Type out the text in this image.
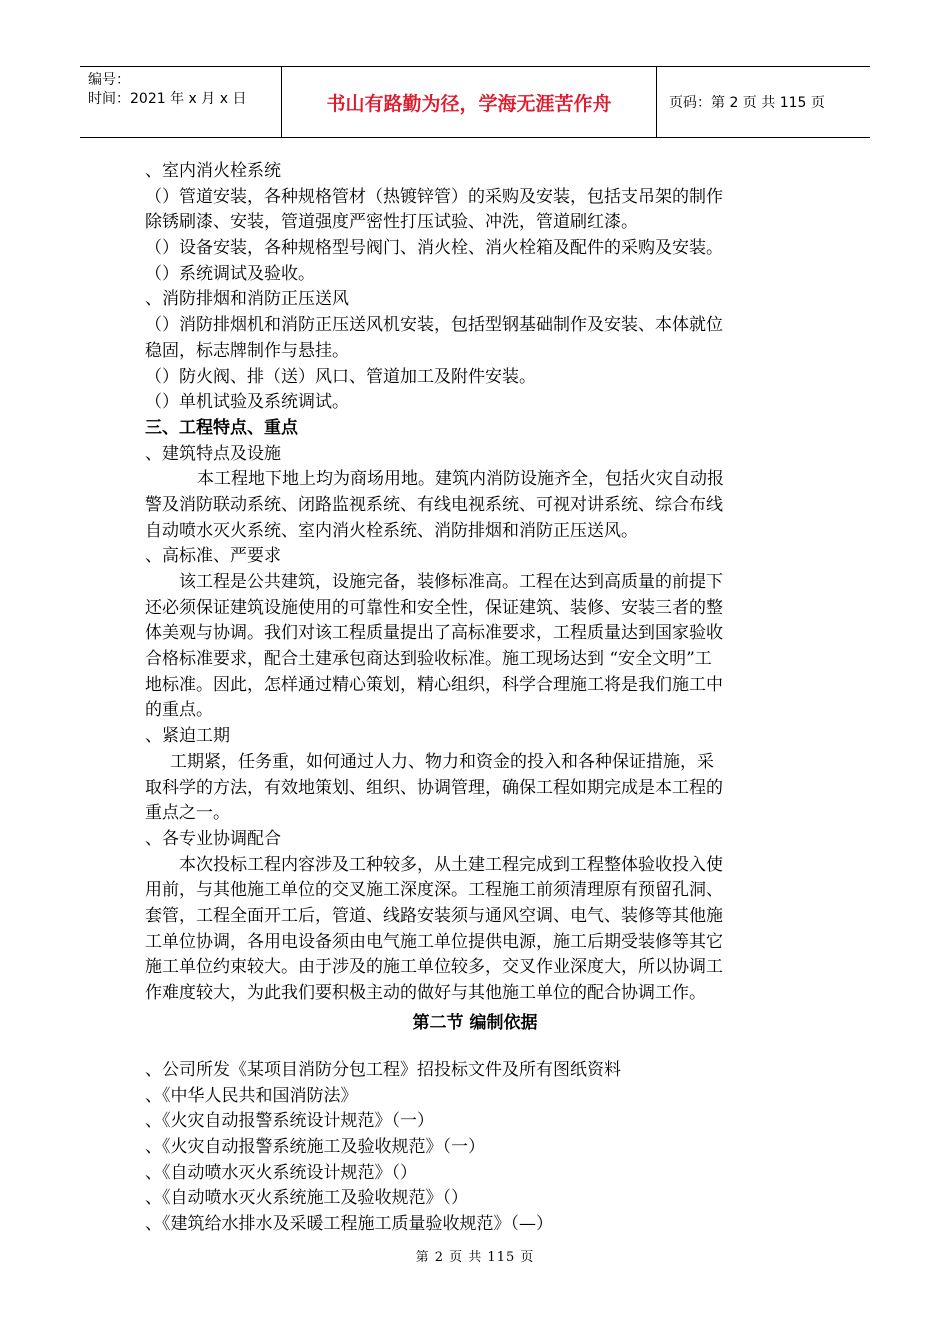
编号：
时间：2021 年 x 月 x 日	书山有路勤为径，学海无涯苦作舟	页码：第 2 页 共 115 页
、室内消火栓系统
（）管道安装，各种规格管材（热镀锌管）的采购及安装，包括支吊架的制作
除锈刷漆、安装，管道强度严密性打压试验、冲洗，管道刷红漆。
（）设备安装，各种规格型号阀门、消火栓、消火栓箱及配件的采购及安装。
（）系统调试及验收。
、消防排烟和消防正压送风
（）消防排烟机和消防正压送风机安装，包括型钢基础制作及安装、本体就位
稳固，标志牌制作与悬挂。
（）防火阀、排（送）风口、管道加工及附件安装。
（）单机试验及系统调试。
三、工程特点、重点
、建筑特点及设施
本工程地下地上均为商场用地。建筑内消防设施齐全，包括火灾自动报
警及消防联动系统、闭路监视系统、有线电视系统、可视对讲系统、综合布线
自动喷水灭火系统、室内消火栓系统、消防排烟和消防正压送风。
、高标准、严要求
该工程是公共建筑，设施完备，装修标准高。工程在达到高质量的前提下
还必须保证建筑设施使用的可靠性和安全性，保证建筑、装修、安装三者的整
体美观与协调。我们对该工程质量提出了高标准要求，工程质量达到国家验收
合格标准要求，配合土建承包商达到验收标准。施工现场达到 “安全文明”工
地标准。因此，怎样通过精心策划，精心组织，科学合理施工将是我们施工中
的重点。
、紧迫工期
工期紧，任务重，如何通过人力、物力和资金的投入和各种保证措施，采
取科学的方法，有效地策划、组织、协调管理，确保工程如期完成是本工程的
重点之一。
、各专业协调配合
本次投标工程内容涉及工种较多，从土建工程完成到工程整体验收投入使
用前，与其他施工单位的交叉施工深度深。工程施工前须清理原有预留孔洞、
套管，工程全面开工后，管道、线路安装须与通风空调、电气、装修等其他施
工单位协调，各用电设备须由电气施工单位提供电源，施工后期受装修等其它
施工单位约束较大。由于涉及的施工单位较多，交叉作业深度大，所以协调工
作难度较大，为此我们要积极主动的做好与其他施工单位的配合协调工作。
第二节 编制依据
、公司所发《某项目消防分包工程》招投标文件及所有图纸资料
、《中华人民共和国消防法》
、《火灾自动报警系统设计规范》（一）
、《火灾自动报警系统施工及验收规范》（一）
、《自动喷水灭火系统设计规范》（）
、《自动喷水灭火系统施工及验收规范》（）
、《建筑给水排水及采暖工程施工质量验收规范》（—）
第 2 页 共 115 页
